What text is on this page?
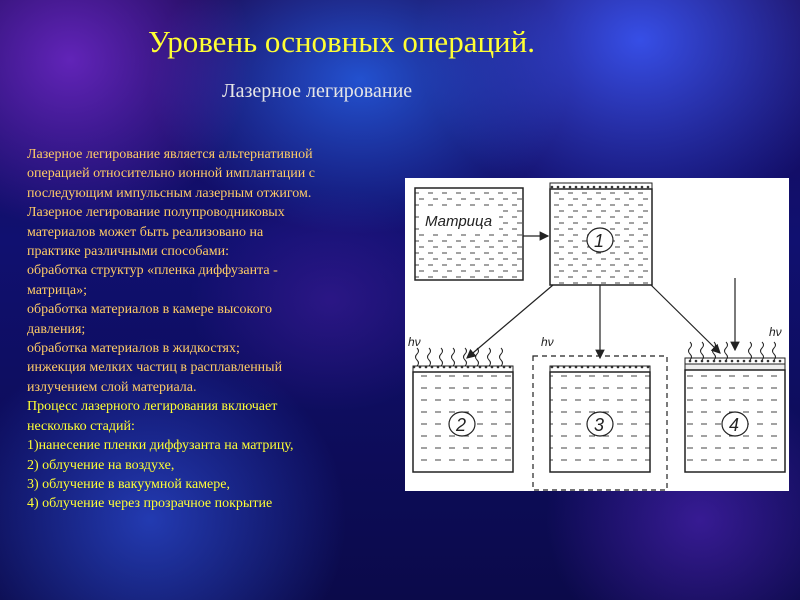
Уровень основных операций.
Лазерное легирование
Лазерное легирование является альтернативной
операцией относительно ионной имплантации с
последующим импульсным лазерным отжигом.
Лазерное легирование полупроводниковых
материалов может быть реализовано на
практике различными способами:
обработка структур «пленка диффузанта -
матрица»;
обработка материалов в камере высокого
давления;
обработка материалов в жидкостях;
инжекция мелких частиц в расплавленный
излучением слой материала.
Процесс лазерного легирования включает
несколько стадий:
1)нанесение пленки диффузанта на матрицу,
2) облучение на воздухе,
3) облучение в вакуумной камере,
4) облучение через прозрачное покрытие
Матрица
1
hν	hν
hν
2	3	4
